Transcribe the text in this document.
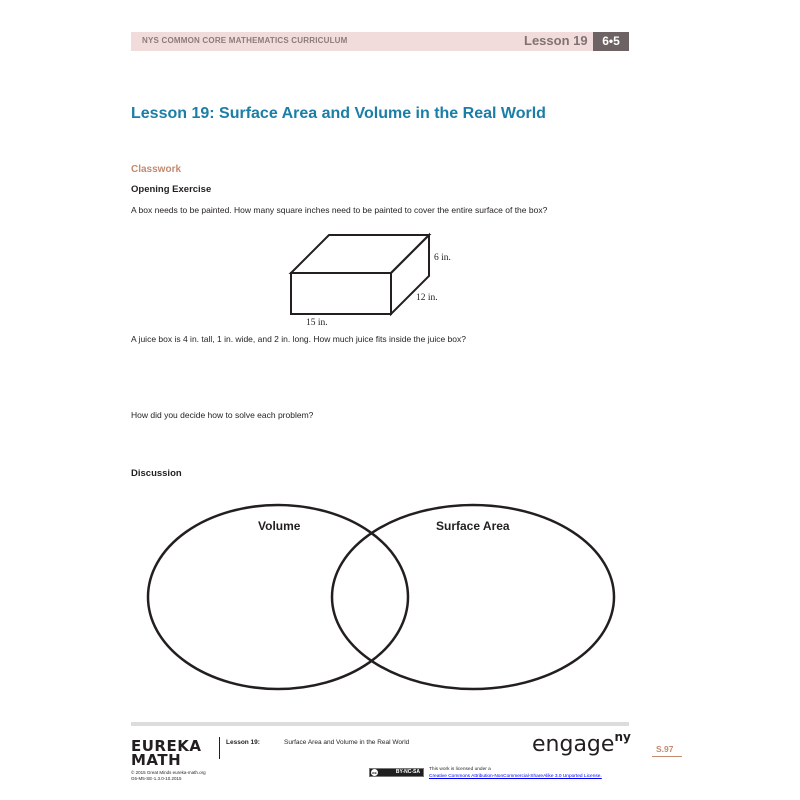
NYS COMMON CORE MATHEMATICS CURRICULUM	Lesson 19	6•5
Lesson 19: Surface Area and Volume in the Real World
Classwork
Opening Exercise
A box needs to be painted. How many square inches need to be painted to cover the entire surface of the box?
6 in.
12 in.
15 in.
A juice box is 4 in. tall, 1 in. wide, and 2 in. long. How much juice fits inside the juice box?
How did you decide how to solve each problem?
Discussion
Volume	Surface Area
EUREKA
MATH
Lesson 19:	Surface Area and Volume in the Real World
© 2015 Great Minds eureka-math.org
G6-M5-SE-1.3.0-10.2015
engage$^{ny}$
S.97
BY-NC-SA
cc
This work is licensed under a
Creative Commons Attribution-NonCommercial-ShareAlike 3.0 Unported License.
